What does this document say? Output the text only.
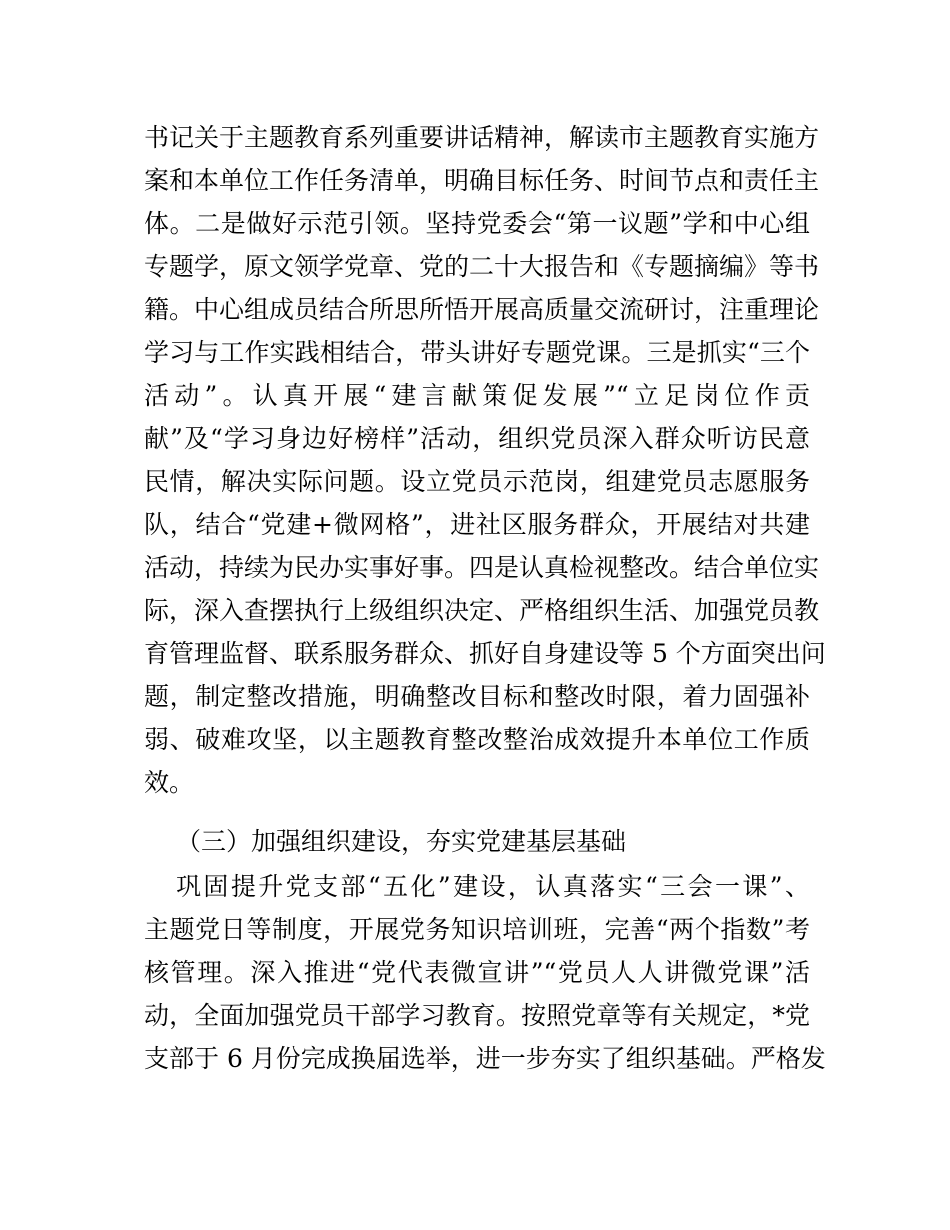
书记关于主题教育系列重要讲话精神，解读市主题教育实施方
案和本单位工作任务清单，明确目标任务、时间节点和责任主
体。二是做好示范引领。坚持党委会“第一议题”学和中心组
专题学，原文领学党章、党的二十大报告和《专题摘编》等书
籍。中心组成员结合所思所悟开展高质量交流研讨，注重理论
学习与工作实践相结合，带头讲好专题党课。三是抓实“三个
活动”。认真开展“建言献策促发展”“立足岗位作贡
献”及“学习身边好榜样”活动，组织党员深入群众听访民意
民情，解决实际问题。设立党员示范岗，组建党员志愿服务
队，结合“党建+微网格”，进社区服务群众，开展结对共建
活动，持续为民办实事好事。四是认真检视整改。结合单位实
际，深入查摆执行上级组织决定、严格组织生活、加强党员教
育管理监督、联系服务群众、抓好自身建设等 5 个方面突出问
题，制定整改措施，明确整改目标和整改时限，着力固强补
弱、破难攻坚，以主题教育整改整治成效提升本单位工作质
效。
（三）加强组织建设，夯实党建基层基础
巩固提升党支部“五化”建设，认真落实“三会一课”、
主题党日等制度，开展党务知识培训班，完善“两个指数”考
核管理。深入推进“党代表微宣讲”“党员人人讲微党课”活
动，全面加强党员干部学习教育。按照党章等有关规定，*党
支部于 6 月份完成换届选举，进一步夯实了组织基础。严格发
